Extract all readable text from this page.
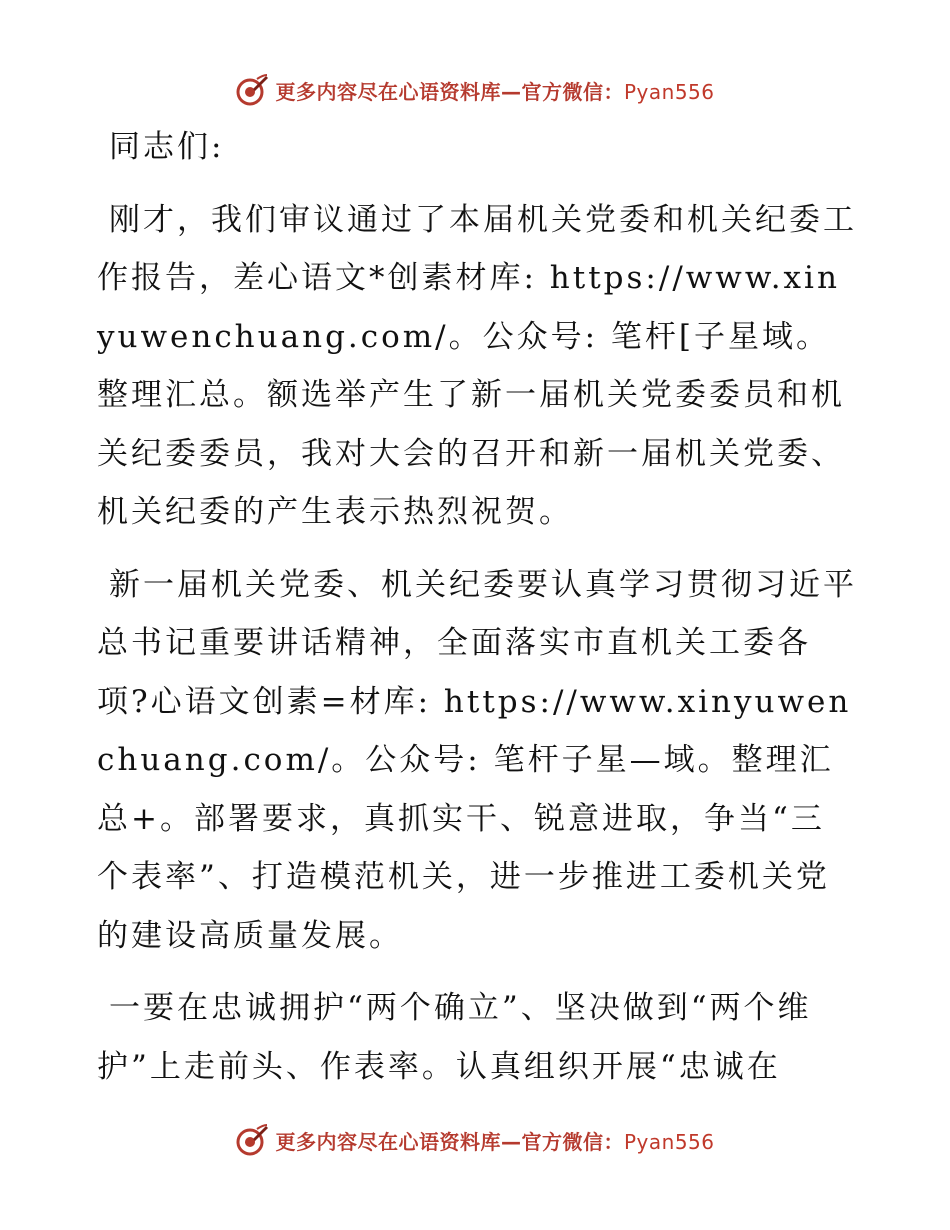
更多内容尽在心语资料库—官方微信：Pyan556

同志们:

刚才，我们审议通过了本届机关党委和机关纪委工作报告，差心语文*创素材库: https://www.xinyuwenchuang.com/。公众号: 笔杆[子星域。整理汇总。额选举产生了新一届机关党委委员和机关纪委委员，我对大会的召开和新一届机关党委、机关纪委的产生表示热烈祝贺。

新一届机关党委、机关纪委要认真学习贯彻习近平总书记重要讲话精神，全面落实市直机关工委各项?心语文创素=材库: https://www.xinyuwenchuang.com/。公众号: 笔杆子星—域。整理汇总+。部署要求，真抓实干、锐意进取，争当“三个表率”、打造模范机关，进一步推进工委机关党的建设高质量发展。

一要在忠诚拥护“两个确立”、坚决做到“两个维护”上走前头、作表率。认真组织开展“忠诚在

更多内容尽在心语资料库—官方微信：Pyan556
